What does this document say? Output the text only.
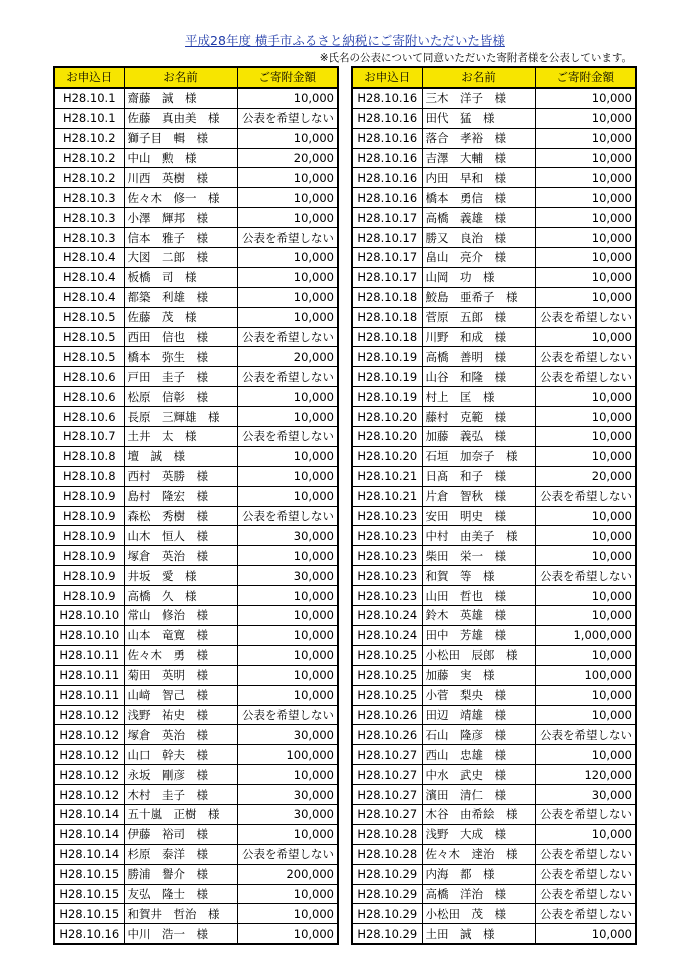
平成28年度 横手市ふるさと納税にご寄附いただいた皆様
※氏名の公表について同意いただいた寄附者様を公表しています。
お申込日	お名前	ご寄附金額
H28.10.1	齋藤　誠　様	10,000
H28.10.1	佐藤　真由美　様	公表を希望しない
H28.10.2	獅子目　輯　様	10,000
H28.10.2	中山　勲　様	20,000
H28.10.2	川西　英樹　様	10,000
H28.10.3	佐々木　修一　様	10,000
H28.10.3	小澤　輝邦　様	10,000
H28.10.3	信本　雅子　様	公表を希望しない
H28.10.4	大図　二郎　様	10,000
H28.10.4	板橋　司　様	10,000
H28.10.4	都築　利雄　様	10,000
H28.10.5	佐藤　茂　様	10,000
H28.10.5	西田　信也　様	公表を希望しない
H28.10.5	橋本　弥生　様	20,000
H28.10.6	戸田　圭子　様	公表を希望しない
H28.10.6	松原　信彰　様	10,000
H28.10.6	長原　三輝雄　様	10,000
H28.10.7	土井　太　様	公表を希望しない
H28.10.8	壇　誠　様	10,000
H28.10.8	西村　英勝　様	10,000
H28.10.9	島村　隆宏　様	10,000
H28.10.9	森松　秀樹　様	公表を希望しない
H28.10.9	山木　恒人　様	30,000
H28.10.9	塚倉　英治　様	10,000
H28.10.9	井坂　愛　様	30,000
H28.10.9	高橋　久　様	10,000
H28.10.10	常山　修治　様	10,000
H28.10.10	山本　竜寛　様	10,000
H28.10.11	佐々木　勇　様	10,000
H28.10.11	菊田　英明　様	10,000
H28.10.11	山﨑　智己　様	10,000
H28.10.12	浅野　祐史　様	公表を希望しない
H28.10.12	塚倉　英治　様	30,000
H28.10.12	山口　幹夫　様	100,000
H28.10.12	永坂　剛彦　様	10,000
H28.10.12	木村　圭子　様	30,000
H28.10.14	五十嵐　正樹　様	30,000
H28.10.14	伊藤　裕司　様	10,000
H28.10.14	杉原　泰洋　様	公表を希望しない
H28.10.15	勝浦　譽介　様	200,000
H28.10.15	友弘　隆士　様	10,000
H28.10.15	和賀井　哲治　様	10,000
H28.10.16	中川　浩一　様	10,000
お申込日	お名前	ご寄附金額
H28.10.16	三木　洋子　様	10,000
H28.10.16	田代　猛　様	10,000
H28.10.16	落合　孝裕　様	10,000
H28.10.16	吉澤　大輔　様	10,000
H28.10.16	内田　早和　様	10,000
H28.10.16	橋本　勇信　様	10,000
H28.10.17	高橋　義雄　様	10,000
H28.10.17	勝又　良治　様	10,000
H28.10.17	畠山　亮介　様	10,000
H28.10.17	山岡　功　様	10,000
H28.10.18	鮫島　亜希子　様	10,000
H28.10.18	菅原　五郎　様	公表を希望しない
H28.10.18	川野　和成　様	10,000
H28.10.19	高橋　善明　様	公表を希望しない
H28.10.19	山谷　和隆　様	公表を希望しない
H28.10.19	村上　匡　様	10,000
H28.10.20	藤村　克範　様	10,000
H28.10.20	加藤　義弘　様	10,000
H28.10.20	石垣　加奈子　様	10,000
H28.10.21	日髙　和子　様	20,000
H28.10.21	片倉　智秋　様	公表を希望しない
H28.10.23	安田　明史　様	10,000
H28.10.23	中村　由美子　様	10,000
H28.10.23	柴田　栄一　様	10,000
H28.10.23	和賀　等　様	公表を希望しない
H28.10.23	山田　哲也　様	10,000
H28.10.24	鈴木　英雄　様	10,000
H28.10.24	田中　芳雄　様	1,000,000
H28.10.25	小松田　辰郎　様	10,000
H28.10.25	加藤　実　様	100,000
H28.10.25	小菅　梨央　様	10,000
H28.10.26	田辺　靖雄　様	10,000
H28.10.26	石山　隆彦　様	公表を希望しない
H28.10.27	西山　忠雄　様	10,000
H28.10.27	中水　武史　様	120,000
H28.10.27	濱田　清仁　様	30,000
H28.10.27	木谷　由希絵　様	公表を希望しない
H28.10.28	浅野　大成　様	10,000
H28.10.28	佐々木　達治　様	公表を希望しない
H28.10.29	内海　都　様	公表を希望しない
H28.10.29	高橋　洋治　様	公表を希望しない
H28.10.29	小松田　茂　様	公表を希望しない
H28.10.29	土田　誠　様	10,000
